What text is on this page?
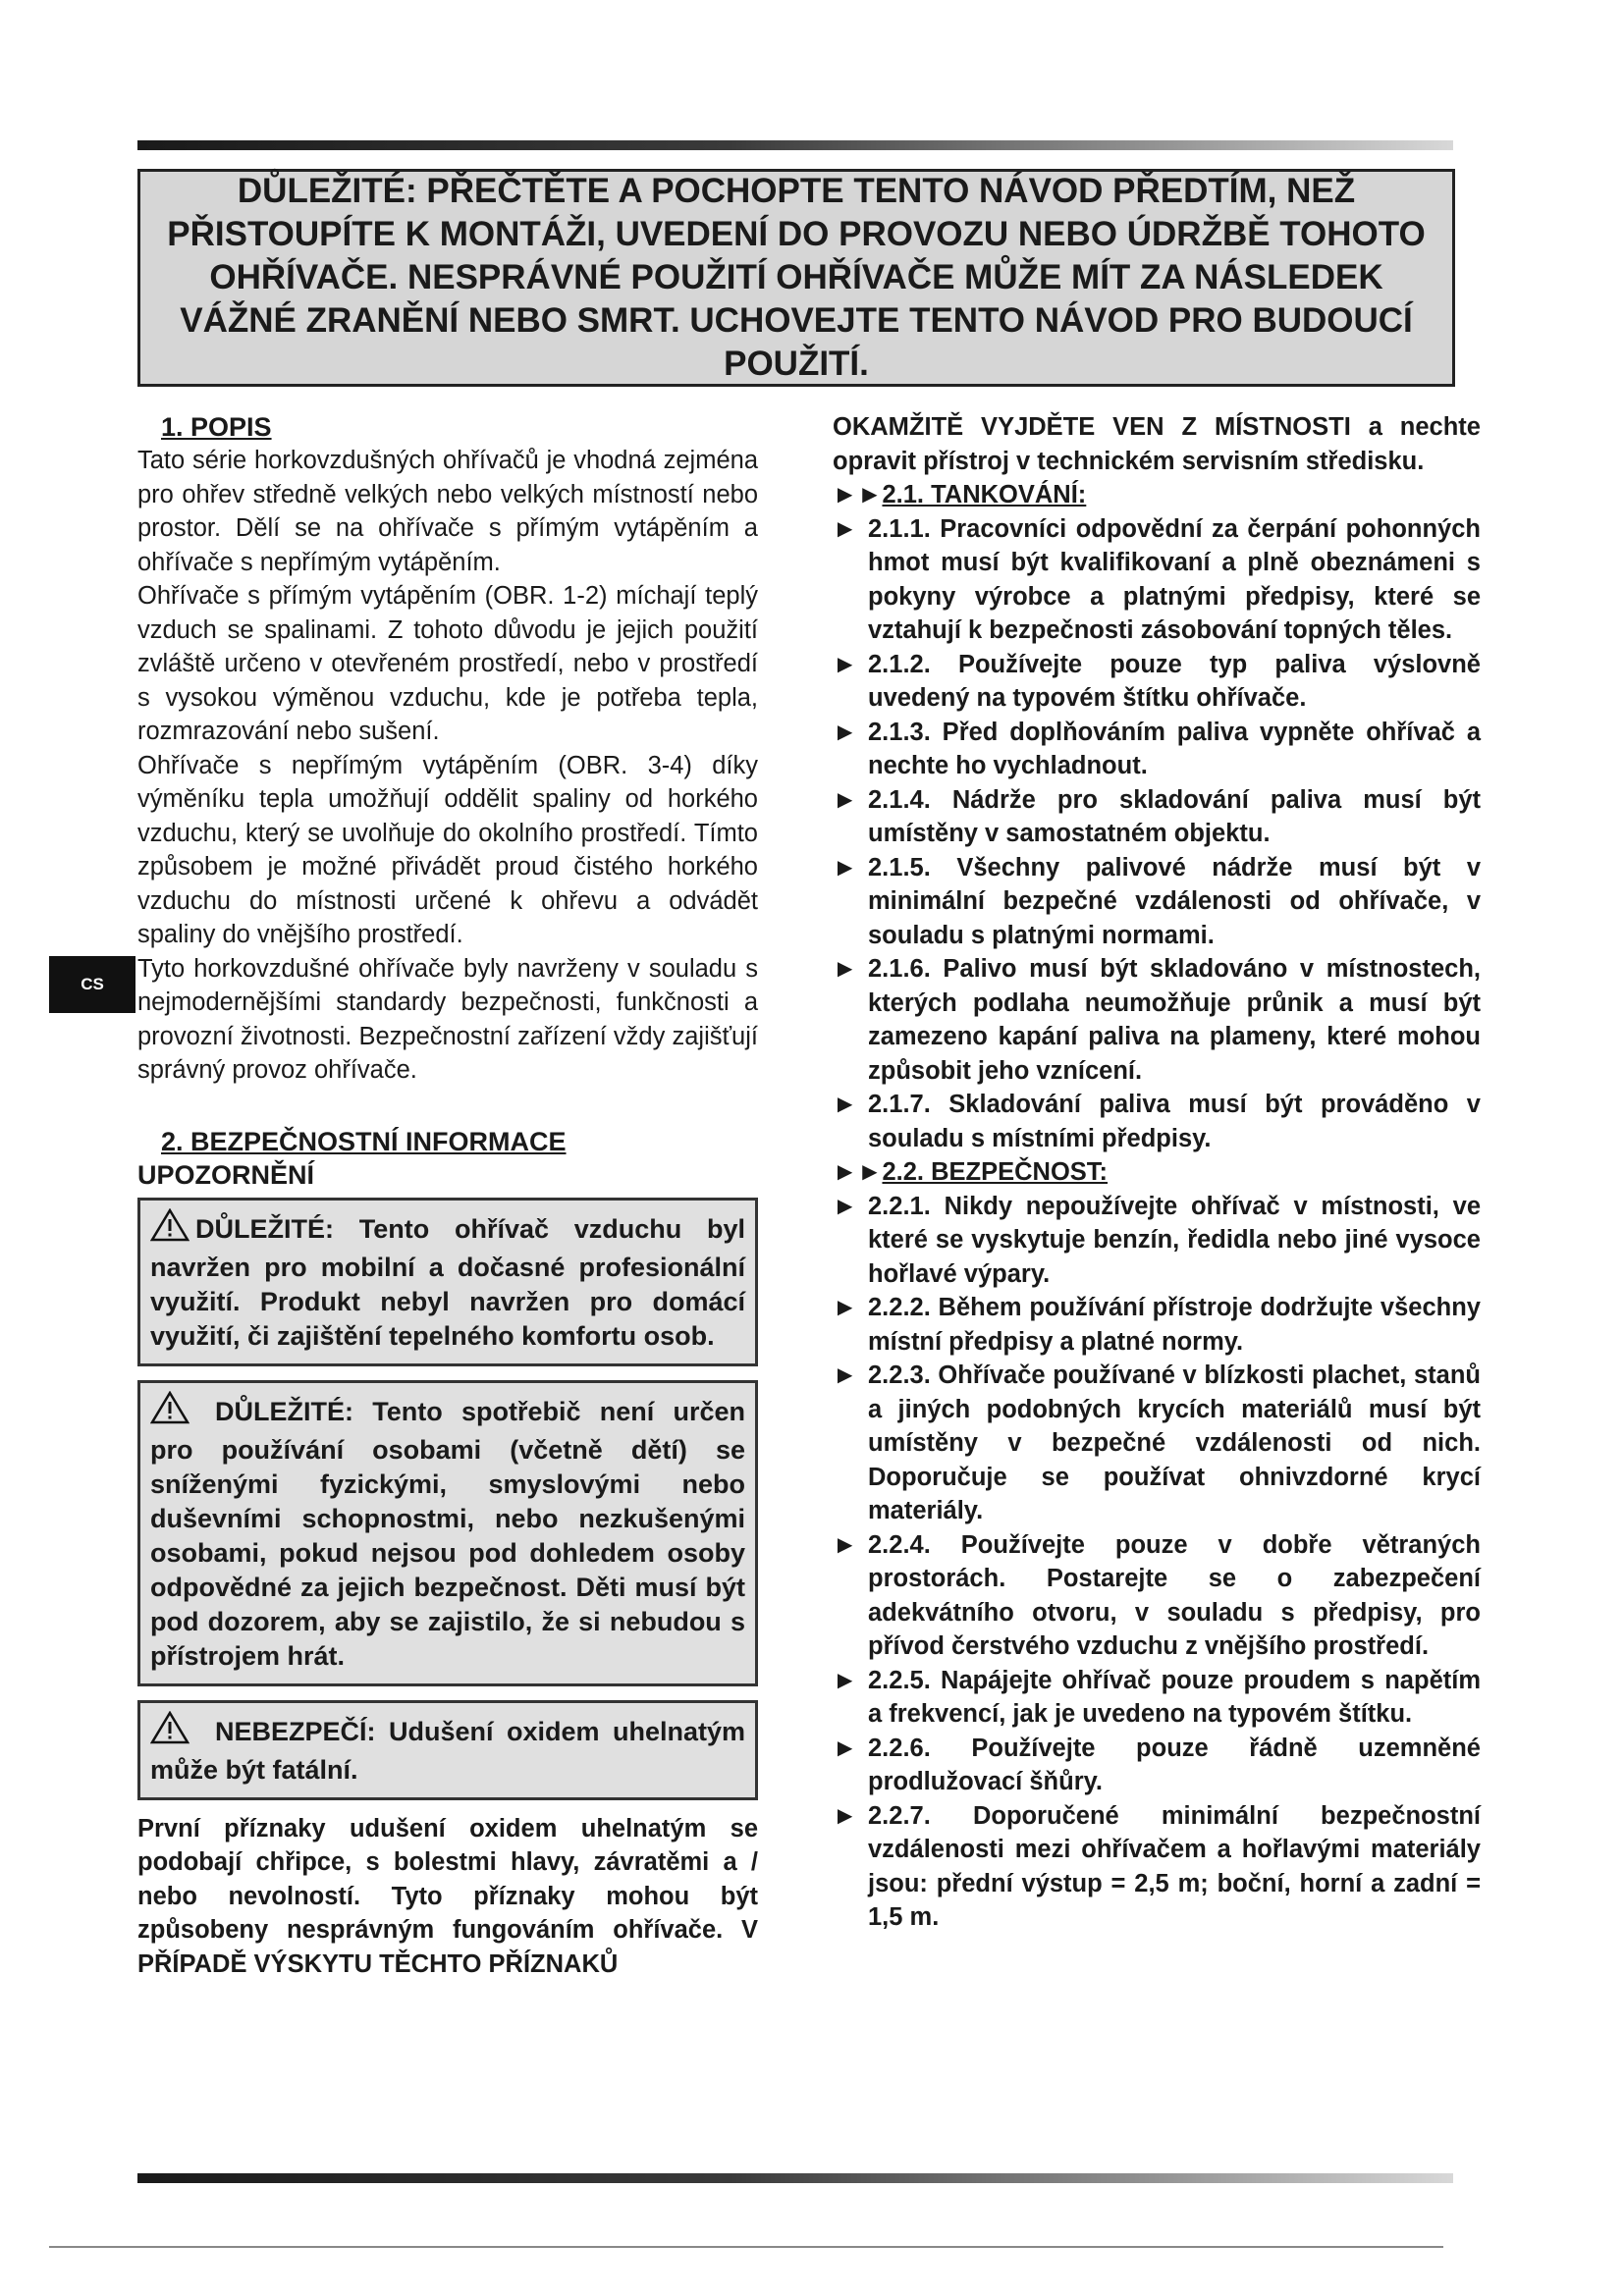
DŮLEŽITÉ: PŘEČTĚTE A POCHOPTE TENTO NÁVOD PŘEDTÍM, NEŽ PŘISTOUPÍTE K MONTÁŽI, UVEDENÍ DO PROVOZU NEBO ÚDRŽBĚ TOHOTO OHŘÍVAČE. NESPRÁVNÉ POUŽITÍ OHŘÍVAČE MŮŽE MÍT ZA NÁSLEDEK VÁŽNÉ ZRANĚNÍ NEBO SMRT. UCHOVEJTE TENTO NÁVOD PRO BUDOUCÍ POUŽITÍ.
CS

1. POPIS

Tato série horkovzdušných ohřívačů je vhodná zejména pro ohřev středně velkých nebo velkých místností nebo prostor. Dělí se na ohřívače s přímým vytápěním a ohřívače s nepřímým vytápěním.

Ohřívače s přímým vytápěním (OBR. 1-2) míchají teplý vzduch se spalinami. Z tohoto důvodu je jejich použití zvláště určeno v otevřeném prostředí, nebo v prostředí s vysokou výměnou vzduchu, kde je potřeba tepla, rozmrazování nebo sušení.

Ohřívače s nepřímým vytápěním (OBR. 3-4) díky výměníku tepla umožňují oddělit spaliny od horkého vzduchu, který se uvolňuje do okolního prostředí. Tímto způsobem je možné přivádět proud čistého horkého vzduchu do místnosti určené k ohřevu a odvádět spaliny do vnějšího prostředí.

Tyto horkovzdušné ohřívače byly navrženy v souladu s nejmodernějšími standardy bezpečnosti, funkčnosti a provozní životnosti. Bezpečnostní zařízení vždy zajišťují správný provoz ohřívače.

2. BEZPEČNOSTNÍ INFORMACE

UPOZORNĚNÍ

DŮLEŽITÉ: Tento ohřívač vzduchu byl navržen pro mobilní a dočasné profesionální využití. Produkt nebyl navržen pro domácí využití, či zajištění tepelného komfortu osob.
DŮLEŽITÉ: Tento spotřebič není určen pro používání osobami (včetně dětí) se sníženými fyzickými, smyslovými nebo duševními schopnostmi, nebo nezkušenými osobami, pokud nejsou pod dohledem osoby odpovědné za jejich bezpečnost. Děti musí být pod dozorem, aby se zajistilo, že si nebudou s přístrojem hrát.
NEBEZPEČÍ: Udušení oxidem uhelnatým může být fatální.

První příznaky udušení oxidem uhelnatým se podobají chřipce, s bolestmi hlavy, závratěmi a / nebo nevolností. Tyto příznaky mohou být způsobeny nesprávným fungováním ohřívače. V PŘÍPADĚ VÝSKYTU TĚCHTO PŘÍZNAKŮ

OKAMŽITĚ VYJDĚTE VEN Z MÍSTNOSTI a nechte opravit přístroj v technickém servisním středisku.

►►2.1. TANKOVÁNÍ:
► 2.1.1. Pracovníci odpovědní za čerpání pohonných hmot musí být kvalifikovaní a plně obeznámeni s pokyny výrobce a platnými předpisy, které se vztahují k bezpečnosti zásobování topných těles.
► 2.1.2. Používejte pouze typ paliva výslovně uvedený na typovém štítku ohřívače.
► 2.1.3. Před doplňováním paliva vypněte ohřívač a nechte ho vychladnout.
► 2.1.4. Nádrže pro skladování paliva musí být umístěny v samostatném objektu.
► 2.1.5. Všechny palivové nádrže musí být v minimální bezpečné vzdálenosti od ohřívače, v souladu s platnými normami.
► 2.1.6. Palivo musí být skladováno v místnostech, kterých podlaha neumožňuje průnik a musí být zamezeno kapání paliva na plameny, které mohou způsobit jeho vznícení.
► 2.1.7. Skladování paliva musí být prováděno v souladu s místními předpisy.
►►2.2. BEZPEČNOST:
► 2.2.1. Nikdy nepoužívejte ohřívač v místnosti, ve které se vyskytuje benzín, ředidla nebo jiné vysoce hořlavé výpary.
► 2.2.2. Během používání přístroje dodržujte všechny místní předpisy a platné normy.
► 2.2.3. Ohřívače používané v blízkosti plachet, stanů a jiných podobných krycích materiálů musí být umístěny v bezpečné vzdálenosti od nich. Doporučuje se používat ohnivzdorné krycí materiály.
► 2.2.4. Používejte pouze v dobře větraných prostorách. Postarejte se o zabezpečení adekvátního otvoru, v souladu s předpisy, pro přívod čerstvého vzduchu z vnějšího prostředí.
► 2.2.5. Napájejte ohřívač pouze proudem s napětím a frekvencí, jak je uvedeno na typovém štítku.
► 2.2.6. Používejte pouze řádně uzemněné prodlužovací šňůry.
► 2.2.7. Doporučené minimální bezpečnostní vzdálenosti mezi ohřívačem a hořlavými materiály jsou: přední výstup = 2,5 m; boční, horní a zadní = 1,5 m.
